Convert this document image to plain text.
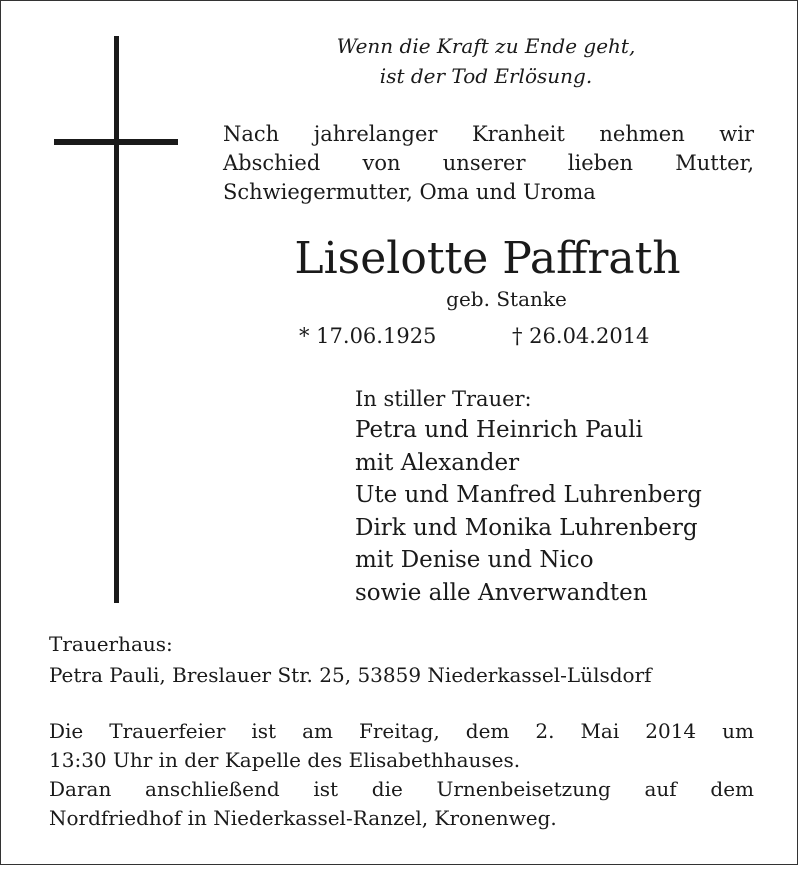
Wenn die Kraft zu Ende geht,
ist der Tod Erlösung.
Nach jahrelanger Kranheit nehmen wir
Abschied von unserer lieben Mutter,
Schwiegermutter, Oma und Uroma
Liselotte Paffrath
geb. Stanke
* 17.06.1925	† 26.04.2014
In stiller Trauer:
Petra und Heinrich Pauli
mit Alexander
Ute und Manfred Luhrenberg
Dirk und Monika Luhrenberg
mit Denise und Nico
sowie alle Anverwandten
Trauerhaus:
Petra Pauli, Breslauer Str. 25, 53859 Niederkassel-Lülsdorf
Die Trauerfeier ist am Freitag, dem 2. Mai 2014 um
13:30 Uhr in der Kapelle des Elisabethhauses.
Daran anschließend ist die Urnenbeisetzung auf dem
Nordfriedhof in Niederkassel-Ranzel, Kronenweg.
